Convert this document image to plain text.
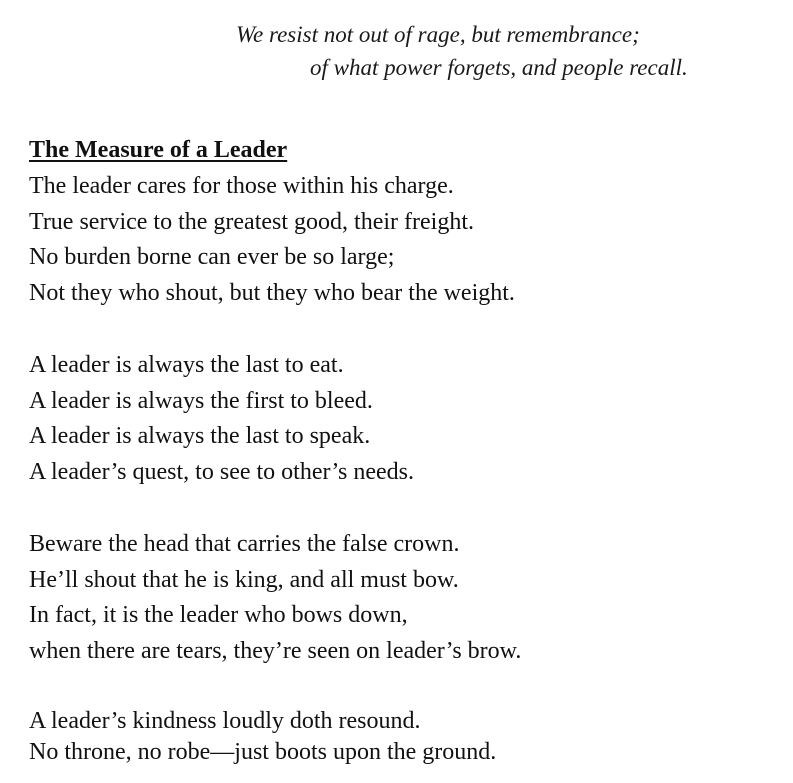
We resist not out of rage, but remembrance;
of what power forgets, and people recall.
The Measure of a Leader
The leader cares for those within his charge.
True service to the greatest good, their freight.
No burden borne can ever be so large;
Not they who shout, but they who bear the weight.
A leader is always the last to eat.
A leader is always the first to bleed.
A leader is always the last to speak.
A leader’s quest, to see to other’s needs.
Beware the head that carries the false crown.
He’ll shout that he is king, and all must bow.
In fact, it is the leader who bows down,
when there are tears, they’re seen on leader’s brow.
A leader’s kindness loudly doth resound.
No throne, no robe—just boots upon the ground.
